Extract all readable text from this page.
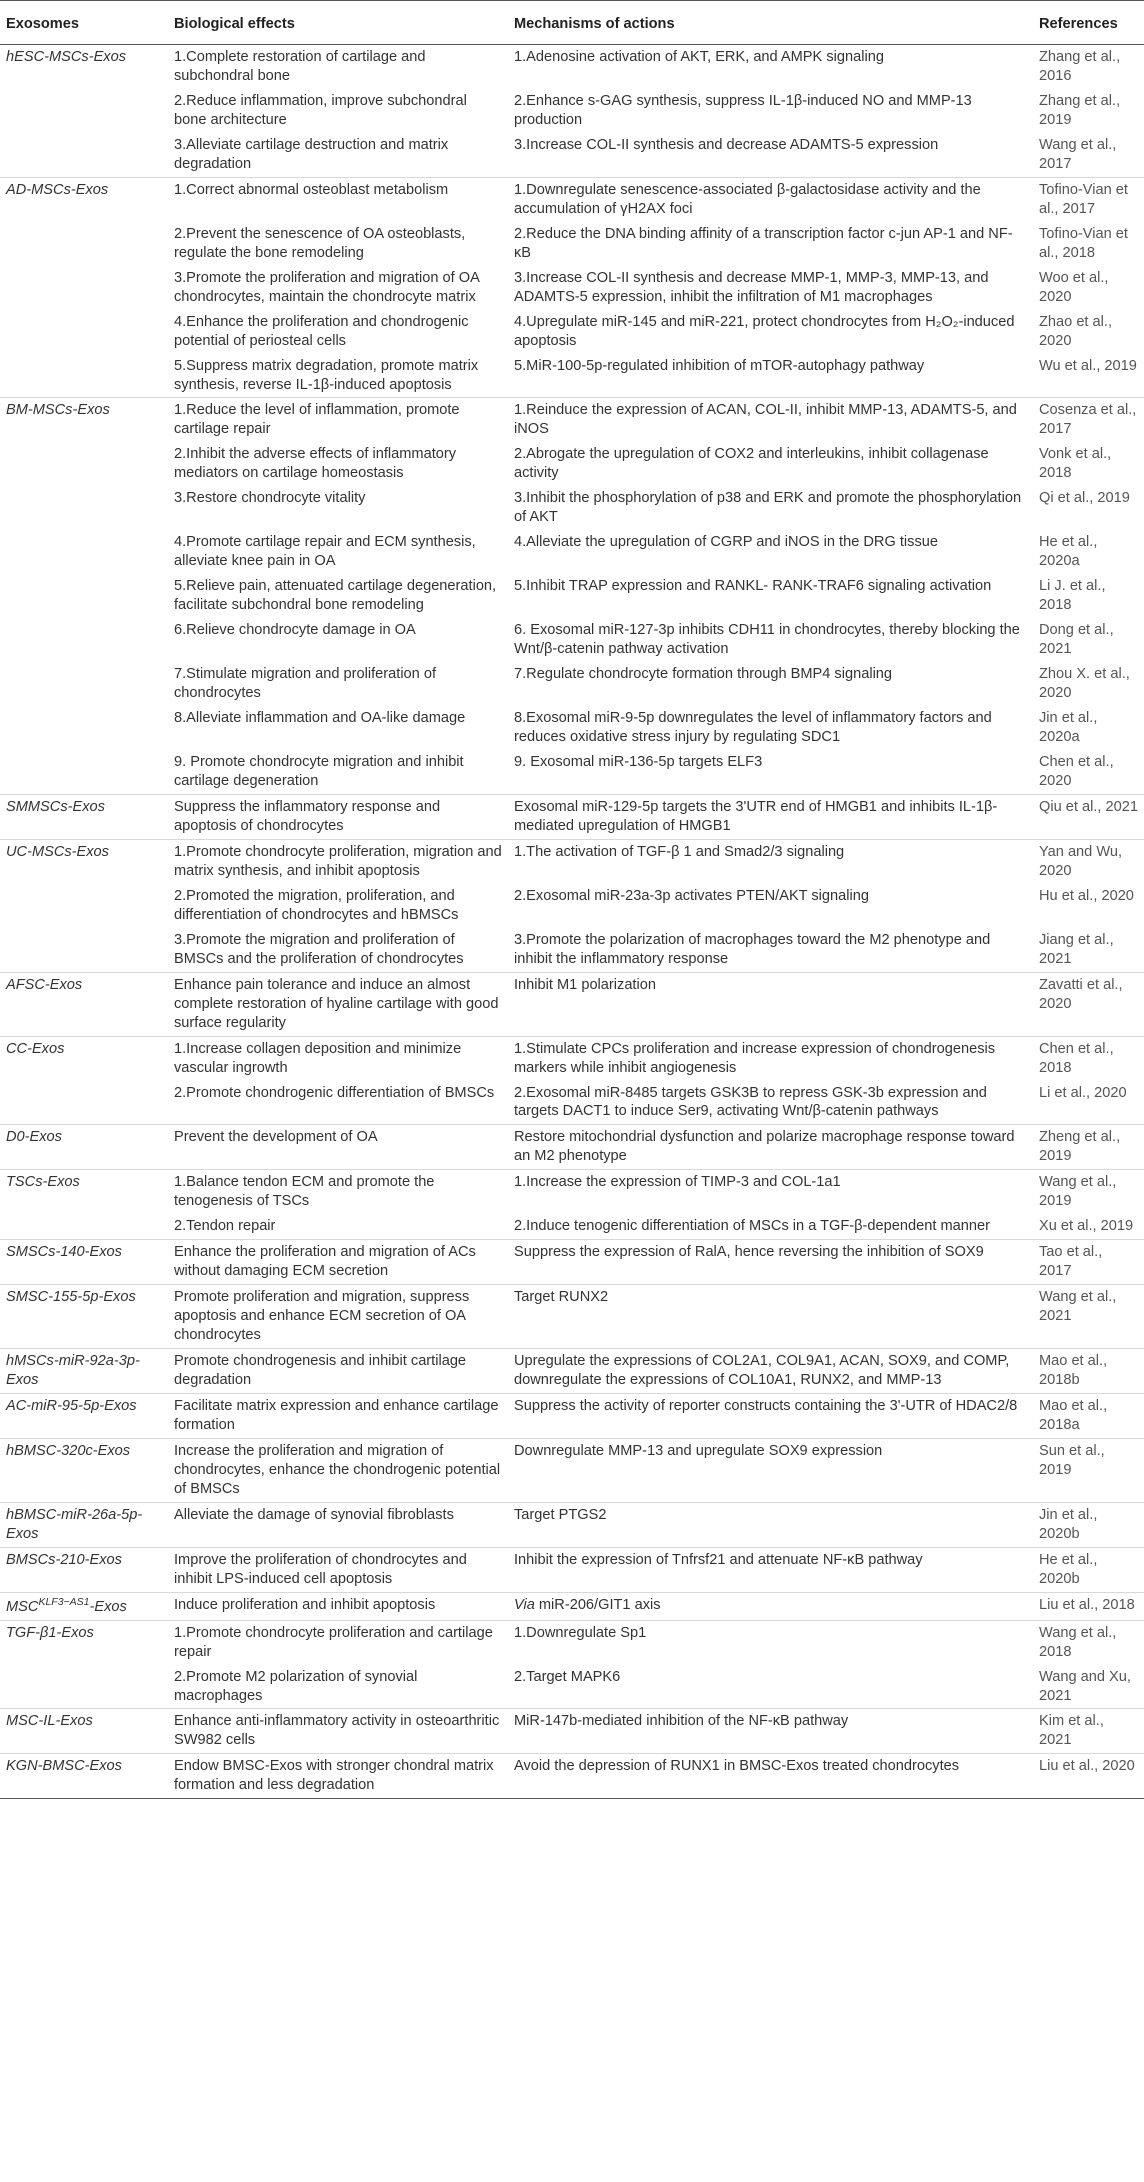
Exosomes	Biological effects	Mechanisms of actions	References
hESC-MSCs-Exos	1.Complete restoration of cartilage and subchondral bone	1.Adenosine activation of AKT, ERK, and AMPK signaling	Zhang et al., 2016
	2.Reduce inflammation, improve subchondral bone architecture	2.Enhance s-GAG synthesis, suppress IL-1β-induced NO and MMP-13 production	Zhang et al., 2019
	3.Alleviate cartilage destruction and matrix degradation	3.Increase COL-II synthesis and decrease ADAMTS-5 expression	Wang et al., 2017
AD-MSCs-Exos	1.Correct abnormal osteoblast metabolism	1.Downregulate senescence-associated β-galactosidase activity and the accumulation of γH2AX foci	Tofino-Vian et al., 2017
	2.Prevent the senescence of OA osteoblasts, regulate the bone remodeling	2.Reduce the DNA binding affinity of a transcription factor c-jun AP-1 and NF-κB	Tofino-Vian et al., 2018
	3.Promote the proliferation and migration of OA chondrocytes, maintain the chondrocyte matrix	3.Increase COL-II synthesis and decrease MMP-1, MMP-3, MMP-13, and ADAMTS-5 expression, inhibit the infiltration of M1 macrophages	Woo et al., 2020
	4.Enhance the proliferation and chondrogenic potential of periosteal cells	4.Upregulate miR-145 and miR-221, protect chondrocytes from H₂O₂-induced apoptosis	Zhao et al., 2020
	5.Suppress matrix degradation, promote matrix synthesis, reverse IL-1β-induced apoptosis	5.MiR-100-5p-regulated inhibition of mTOR-autophagy pathway	Wu et al., 2019
BM-MSCs-Exos	1.Reduce the level of inflammation, promote cartilage repair	1.Reinduce the expression of ACAN, COL-II, inhibit MMP-13, ADAMTS-5, and iNOS	Cosenza et al., 2017
	2.Inhibit the adverse effects of inflammatory mediators on cartilage homeostasis	2.Abrogate the upregulation of COX2 and interleukins, inhibit collagenase activity	Vonk et al., 2018
	3.Restore chondrocyte vitality	3.Inhibit the phosphorylation of p38 and ERK and promote the phosphorylation of AKT	Qi et al., 2019
	4.Promote cartilage repair and ECM synthesis, alleviate knee pain in OA	4.Alleviate the upregulation of CGRP and iNOS in the DRG tissue	He et al., 2020a
	5.Relieve pain, attenuated cartilage degeneration, facilitate subchondral bone remodeling	5.Inhibit TRAP expression and RANKL- RANK-TRAF6 signaling activation	Li J. et al., 2018
	6.Relieve chondrocyte damage in OA	6. Exosomal miR-127-3p inhibits CDH11 in chondrocytes, thereby blocking the Wnt/β-catenin pathway activation	Dong et al., 2021
	7.Stimulate migration and proliferation of chondrocytes	7.Regulate chondrocyte formation through BMP4 signaling	Zhou X. et al., 2020
	8.Alleviate inflammation and OA-like damage	8.Exosomal miR-9-5p downregulates the level of inflammatory factors and reduces oxidative stress injury by regulating SDC1	Jin et al., 2020a
	9. Promote chondrocyte migration and inhibit cartilage degeneration	9. Exosomal miR-136-5p targets ELF3	Chen et al., 2020
SMMSCs-Exos	Suppress the inflammatory response and apoptosis of chondrocytes	Exosomal miR-129-5p targets the 3'UTR end of HMGB1 and inhibits IL-1β-mediated upregulation of HMGB1	Qiu et al., 2021
UC-MSCs-Exos	1.Promote chondrocyte proliferation, migration and matrix synthesis, and inhibit apoptosis	1.The activation of TGF-β 1 and Smad2/3 signaling	Yan and Wu, 2020
	2.Promoted the migration, proliferation, and differentiation of chondrocytes and hBMSCs	2.Exosomal miR-23a-3p activates PTEN/AKT signaling	Hu et al., 2020
	3.Promote the migration and proliferation of BMSCs and the proliferation of chondrocytes	3.Promote the polarization of macrophages toward the M2 phenotype and inhibit the inflammatory response	Jiang et al., 2021
AFSC-Exos	Enhance pain tolerance and induce an almost complete restoration of hyaline cartilage with good surface regularity	Inhibit M1 polarization	Zavatti et al., 2020
CC-Exos	1.Increase collagen deposition and minimize vascular ingrowth	1.Stimulate CPCs proliferation and increase expression of chondrogenesis markers while inhibit angiogenesis	Chen et al., 2018
	2.Promote chondrogenic differentiation of BMSCs	2.Exosomal miR-8485 targets GSK3B to repress GSK-3b expression and targets DACT1 to induce Ser9, activating Wnt/β-catenin pathways	Li et al., 2020
D0-Exos	Prevent the development of OA	Restore mitochondrial dysfunction and polarize macrophage response toward an M2 phenotype	Zheng et al., 2019
TSCs-Exos	1.Balance tendon ECM and promote the tenogenesis of TSCs	1.Increase the expression of TIMP-3 and COL-1a1	Wang et al., 2019
	2.Tendon repair	2.Induce tenogenic differentiation of MSCs in a TGF-β-dependent manner	Xu et al., 2019
SMSCs-140-Exos	Enhance the proliferation and migration of ACs without damaging ECM secretion	Suppress the expression of RalA, hence reversing the inhibition of SOX9	Tao et al., 2017
SMSC-155-5p-Exos	Promote proliferation and migration, suppress apoptosis and enhance ECM secretion of OA chondrocytes	Target RUNX2	Wang et al., 2021
hMSCs-miR-92a-3p-Exos	Promote chondrogenesis and inhibit cartilage degradation	Upregulate the expressions of COL2A1, COL9A1, ACAN, SOX9, and COMP, downregulate the expressions of COL10A1, RUNX2, and MMP-13	Mao et al., 2018b
AC-miR-95-5p-Exos	Facilitate matrix expression and enhance cartilage formation	Suppress the activity of reporter constructs containing the 3'-UTR of HDAC2/8	Mao et al., 2018a
hBMSC-320c-Exos	Increase the proliferation and migration of chondrocytes, enhance the chondrogenic potential of BMSCs	Downregulate MMP-13 and upregulate SOX9 expression	Sun et al., 2019
hBMSC-miR-26a-5p-Exos	Alleviate the damage of synovial fibroblasts	Target PTGS2	Jin et al., 2020b
BMSCs-210-Exos	Improve the proliferation of chondrocytes and inhibit LPS-induced cell apoptosis	Inhibit the expression of Tnfrsf21 and attenuate NF-κB pathway	He et al., 2020b
$MSC^{KLF3-AS1}$-Exos	Induce proliferation and inhibit apoptosis	Via miR-206/GIT1 axis	Liu et al., 2018
TGF-β1-Exos	1.Promote chondrocyte proliferation and cartilage repair	1.Downregulate Sp1	Wang et al., 2018
	2.Promote M2 polarization of synovial macrophages	2.Target MAPK6	Wang and Xu, 2021
MSC-IL-Exos	Enhance anti-inflammatory activity in osteoarthritic SW982 cells	MiR-147b-mediated inhibition of the NF-κB pathway	Kim et al., 2021
KGN-BMSC-Exos	Endow BMSC-Exos with stronger chondral matrix formation and less degradation	Avoid the depression of RUNX1 in BMSC-Exos treated chondrocytes	Liu et al., 2020
